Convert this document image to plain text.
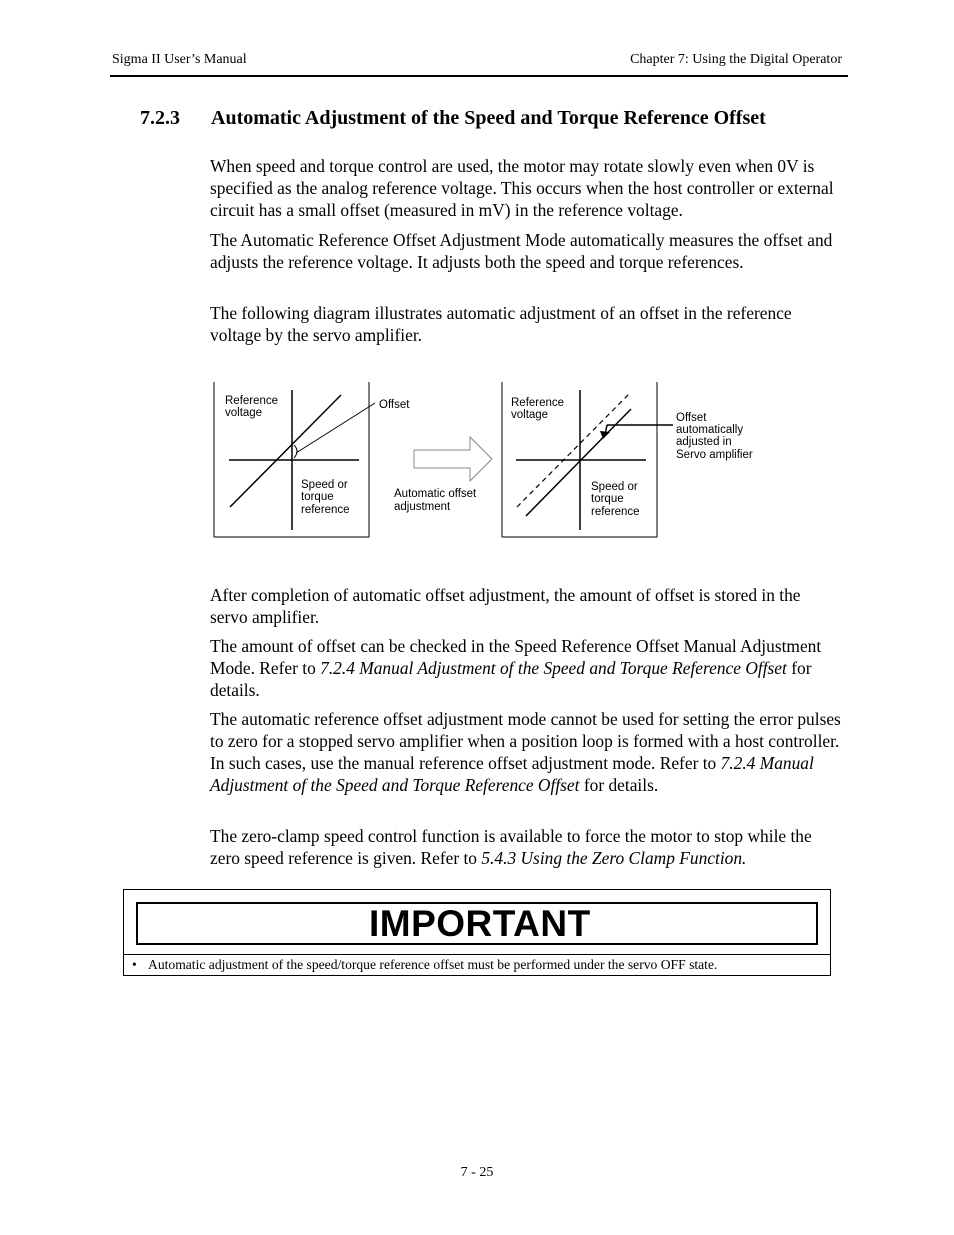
Sigma II User’s Manual	Chapter 7: Using the Digital Operator
7.2.3 Automatic Adjustment of the Speed and Torque Reference Offset
When speed and torque control are used, the motor may rotate slowly even when 0V is specified as the analog reference voltage. This occurs when the host controller or external circuit has a small offset (measured in mV) in the reference voltage.
The Automatic Reference Offset Adjustment Mode automatically measures the offset and adjusts the reference voltage. It adjusts both the speed and torque references.
The following diagram illustrates automatic adjustment of an offset in the reference voltage by the servo amplifier.
Reference
voltage
Offset
Speed or
torque
reference
Automatic offset
adjustment
Reference
voltage
Speed or
torque
reference
Offset
automatically
adjusted in
Servo amplifier
After completion of automatic offset adjustment, the amount of offset is stored in the servo amplifier.
The amount of offset can be checked in the Speed Reference Offset Manual Adjustment Mode. Refer to 7.2.4 Manual Adjustment of the Speed and Torque Reference Offset for details.
The automatic reference offset adjustment mode cannot be used for setting the error pulses to zero for a stopped servo amplifier when a position loop is formed with a host controller. In such cases, use the manual reference offset adjustment mode. Refer to 7.2.4 Manual Adjustment of the Speed and Torque Reference Offset for details.
The zero-clamp speed control function is available to force the motor to stop while the zero speed reference is given. Refer to 5.4.3 Using the Zero Clamp Function.
IMPORTANT
• Automatic adjustment of the speed/torque reference offset must be performed under the servo OFF state.
7 - 25
